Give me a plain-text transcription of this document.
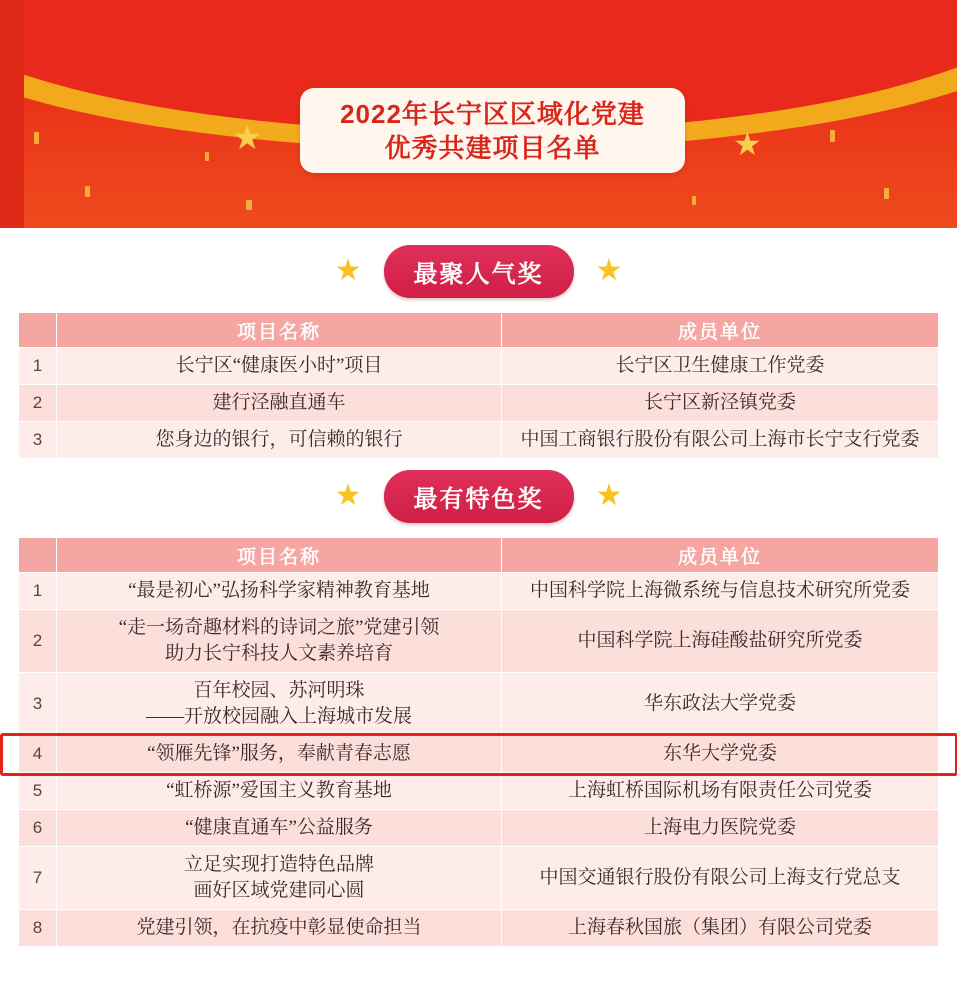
★	★
2022年长宁区区域化党建
优秀共建项目名单
★	最聚人气奖	★
	项目名称	成员单位
1	长宁区“健康医小时”项目	长宁区卫生健康工作党委

2	建行泾融直通车	长宁区新泾镇党委

3	您身边的银行，可信赖的银行	中国工商银行股份有限公司上海市长宁支行党委
★	最有特色奖	★
	项目名称	成员单位
1	“最是初心”弘扬科学家精神教育基地	中国科学院上海微系统与信息技术研究所党委

2	“走一场奇趣材料的诗词之旅”党建引领
助力长宁科技人文素养培育	中国科学院上海硅酸盐研究所党委

3	百年校园、苏河明珠
——开放校园融入上海城市发展	华东政法大学党委

4	“领雁先锋”服务，奉献青春志愿	东华大学党委

5	“虹桥源”爱国主义教育基地	上海虹桥国际机场有限责任公司党委

6	“健康直通车”公益服务	上海电力医院党委

7	立足实现打造特色品牌
画好区域党建同心圆	中国交通银行股份有限公司上海支行党总支

8	党建引领，在抗疫中彰显使命担当	上海春秋国旅（集团）有限公司党委
